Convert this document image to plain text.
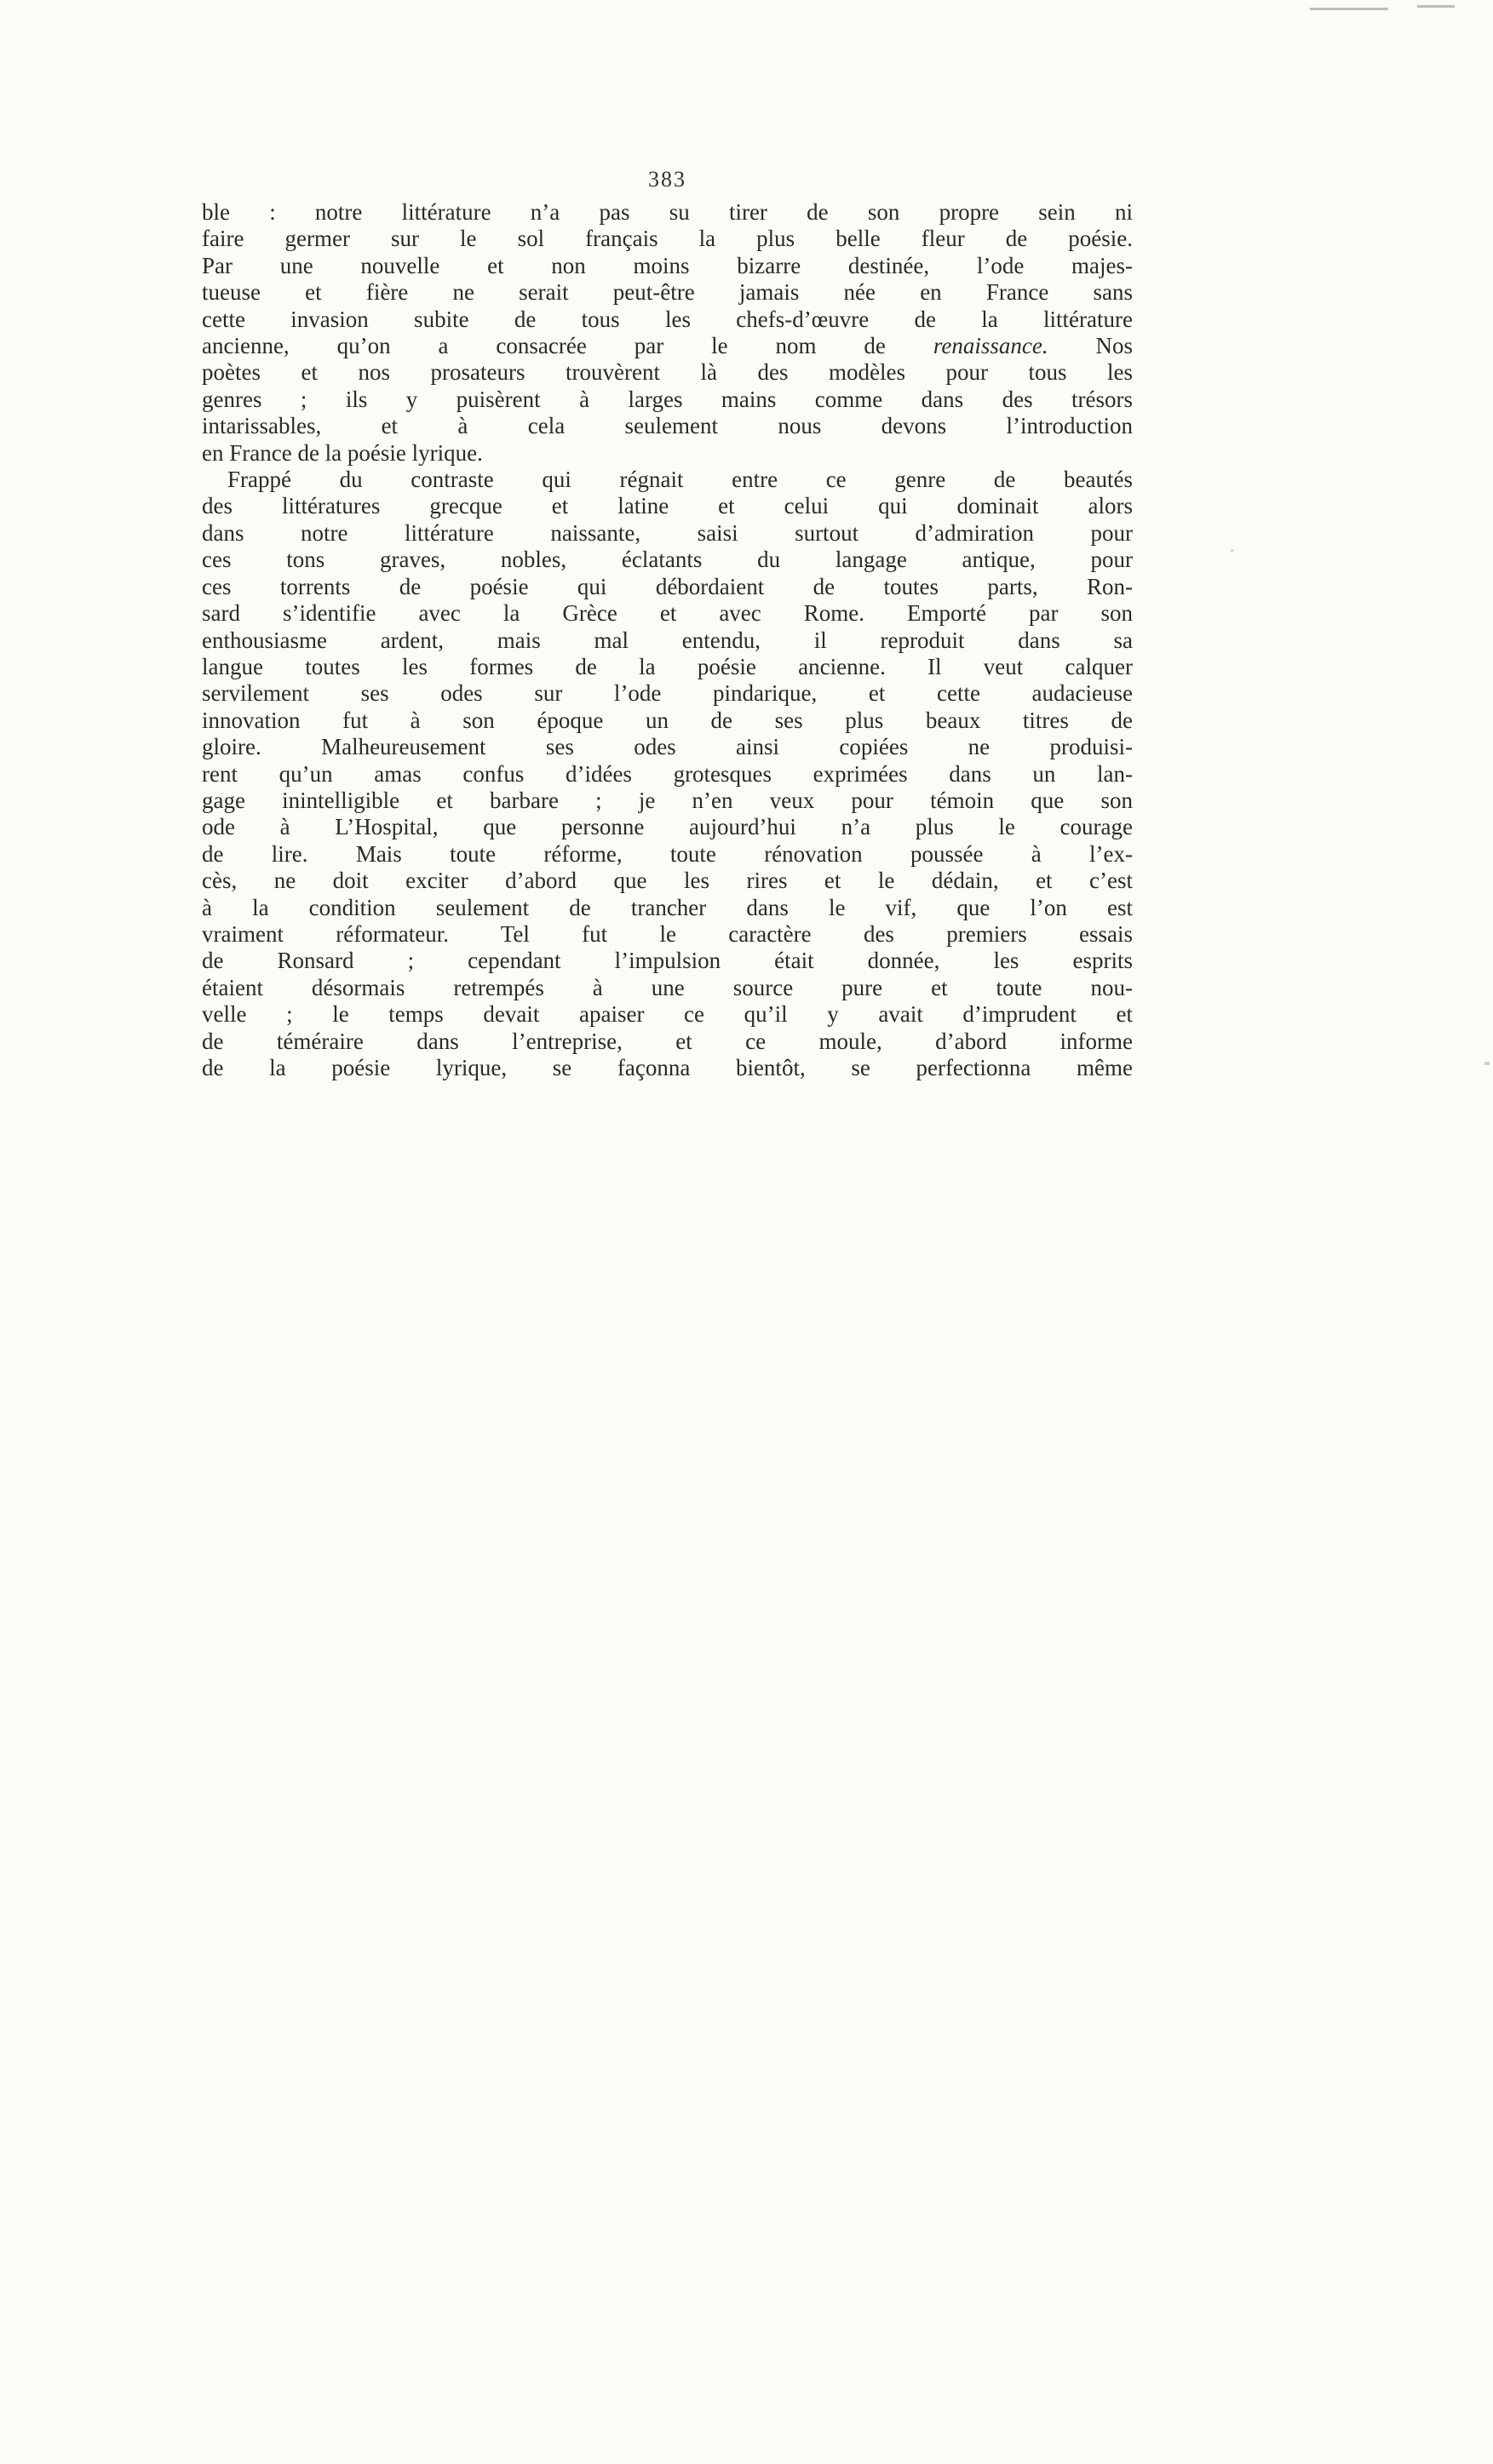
383
ble : notre littérature n’a pas su tirer de son propre sein ni
faire germer sur le sol français la plus belle fleur de poésie.
Par une nouvelle et non moins bizarre destinée, l’ode majes-
tueuse et fière ne serait peut-être jamais née en France sans
cette invasion subite de tous les chefs-d’œuvre de la littérature
ancienne, qu’on a consacrée par le nom de renaissance. Nos
poètes et nos prosateurs trouvèrent là des modèles pour tous les
genres ; ils y puisèrent à larges mains comme dans des trésors
intarissables, et à cela seulement nous devons l’introduction
en France de la poésie lyrique.
Frappé du contraste qui régnait entre ce genre de beautés
des littératures grecque et latine et celui qui dominait alors
dans notre littérature naissante, saisi surtout d’admiration pour
ces tons graves, nobles, éclatants du langage antique, pour
ces torrents de poésie qui débordaient de toutes parts, Ron-
sard s’identifie avec la Grèce et avec Rome. Emporté par son
enthousiasme ardent, mais mal entendu, il reproduit dans sa
langue toutes les formes de la poésie ancienne. Il veut calquer
servilement ses odes sur l’ode pindarique, et cette audacieuse
innovation fut à son époque un de ses plus beaux titres de
gloire. Malheureusement ses odes ainsi copiées ne produisi-
rent qu’un amas confus d’idées grotesques exprimées dans un lan-
gage inintelligible et barbare ; je n’en veux pour témoin que son
ode à L’Hospital, que personne aujourd’hui n’a plus le courage
de lire. Mais toute réforme, toute rénovation poussée à l’ex-
cès, ne doit exciter d’abord que les rires et le dédain, et c’est
à la condition seulement de trancher dans le vif, que l’on est
vraiment réformateur. Tel fut le caractère des premiers essais
de Ronsard ; cependant l’impulsion était donnée, les esprits
étaient désormais retrempés à une source pure et toute nou-
velle ; le temps devait apaiser ce qu’il y avait d’imprudent et
de téméraire dans l’entreprise, et ce moule, d’abord informe
de la poésie lyrique, se façonna bientôt, se perfectionna même
